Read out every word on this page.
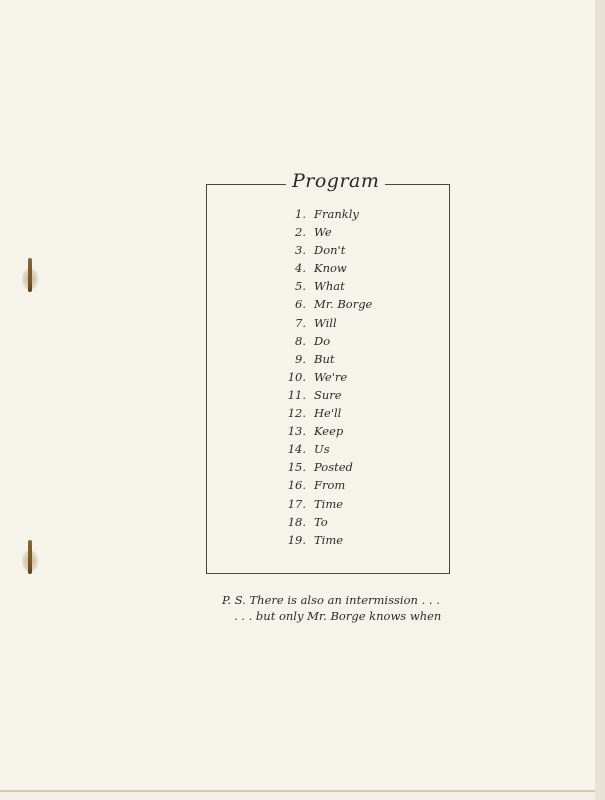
Program
1. Frankly
2. We
3. Don't
4. Know
5. What
6. Mr. Borge
7. Will
8. Do
9. But
10. We're
11. Sure
12. He'll
13. Keep
14. Us
15. Posted
16. From
17. Time
18. To
19. Time
P. S. There is also an intermission . . .
. . . but only Mr. Borge knows when
